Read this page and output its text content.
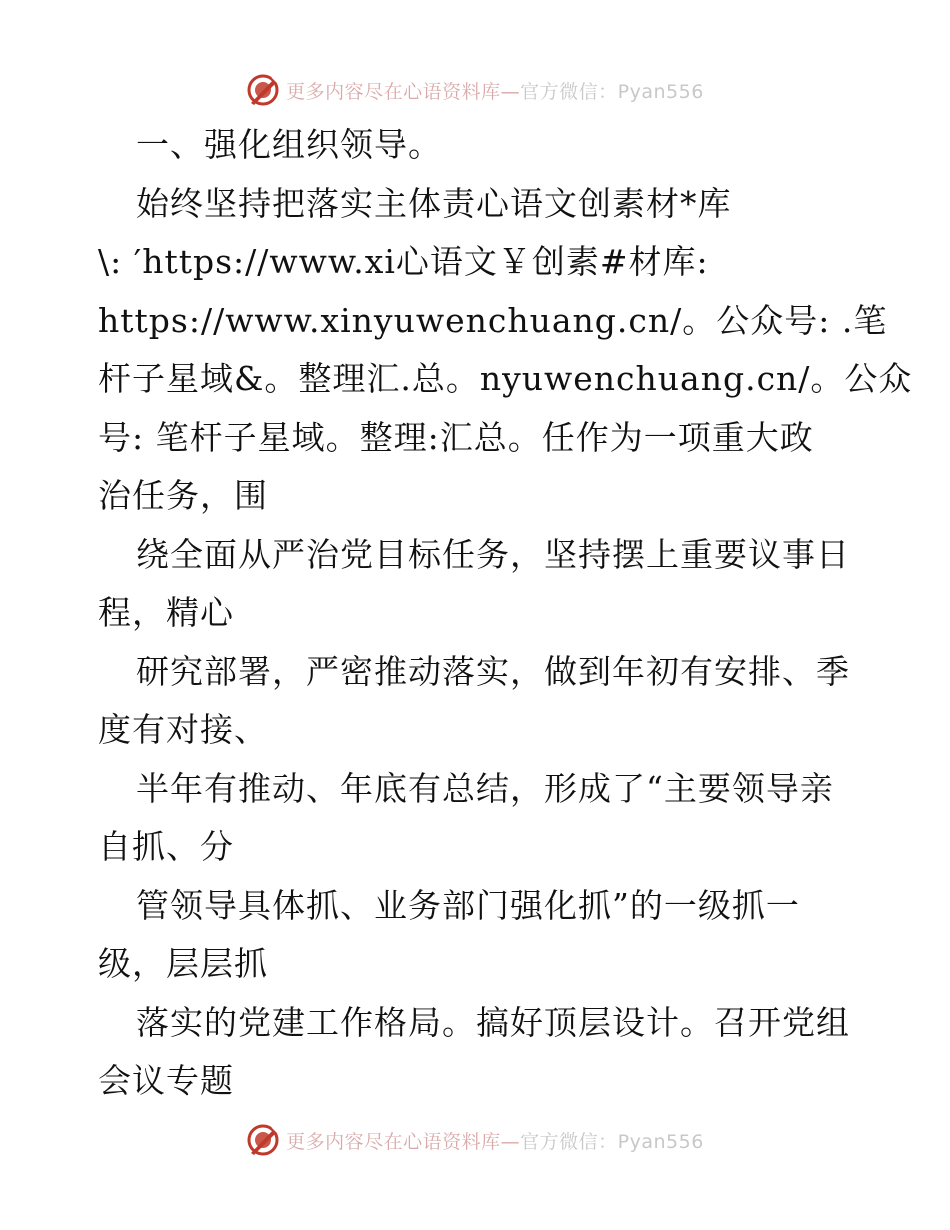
更多内容尽在心语资料库—官方微信：Pyan556
一、强化组织领导。
始终坚持把落实主体责心语文创素材*库
\: ′https://www.xi心语文￥创素#材库:
https://www.xinyuwenchuang.cn/。公众号: .笔
杆子星域&。整理汇.总。nyuwenchuang.cn/。公众
号: 笔杆子星域。整理:汇总。任作为一项重大政
治任务，围
绕全面从严治党目标任务，坚持摆上重要议事日
程，精心
研究部署，严密推动落实，做到年初有安排、季
度有对接、
半年有推动、年底有总结，形成了“主要领导亲
自抓、分
管领导具体抓、业务部门强化抓”的一级抓一
级，层层抓
落实的党建工作格局。搞好顶层设计。召开党组
会议专题
更多内容尽在心语资料库—官方微信：Pyan556
